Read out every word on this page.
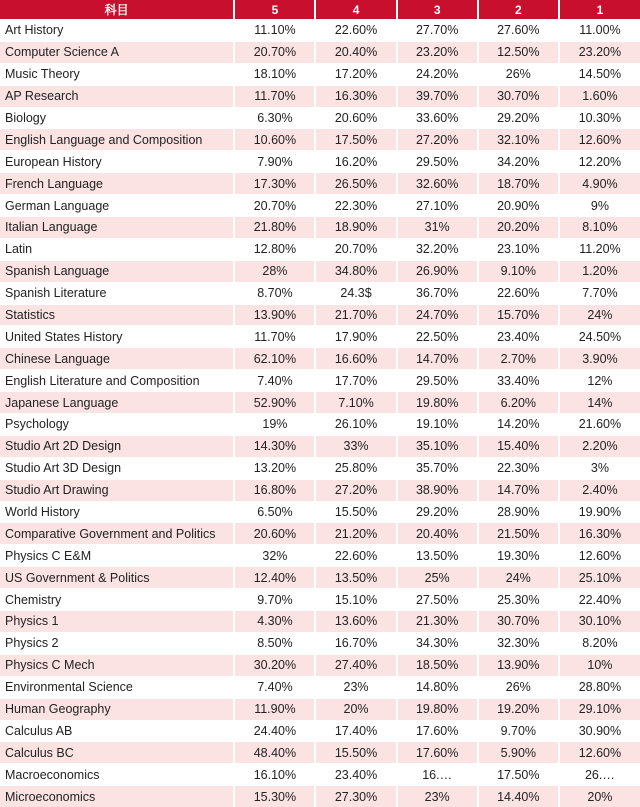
科目	5	4	3	2	1
Art History	11.10%	22.60%	27.70%	27.60%	11.00%
Computer Science A	20.70%	20.40%	23.20%	12.50%	23.20%
Music Theory	18.10%	17.20%	24.20%	26%	14.50%
AP Research	11.70%	16.30%	39.70%	30.70%	1.60%
Biology	6.30%	20.60%	33.60%	29.20%	10.30%
English Language and Composition	10.60%	17.50%	27.20%	32.10%	12.60%
European History	7.90%	16.20%	29.50%	34.20%	12.20%
French Language	17.30%	26.50%	32.60%	18.70%	4.90%
German Language	20.70%	22.30%	27.10%	20.90%	9%
Italian Language	21.80%	18.90%	31%	20.20%	8.10%
Latin	12.80%	20.70%	32.20%	23.10%	11.20%
Spanish Language	28%	34.80%	26.90%	9.10%	1.20%
Spanish Literature	8.70%	24.3$	36.70%	22.60%	7.70%
Statistics	13.90%	21.70%	24.70%	15.70%	24%
United States History	11.70%	17.90%	22.50%	23.40%	24.50%
Chinese Language	62.10%	16.60%	14.70%	2.70%	3.90%
English Literature and Composition	7.40%	17.70%	29.50%	33.40%	12%
Japanese Language	52.90%	7.10%	19.80%	6.20%	14%
Psychology	19%	26.10%	19.10%	14.20%	21.60%
Studio Art 2D Design	14.30%	33%	35.10%	15.40%	2.20%
Studio Art 3D Design	13.20%	25.80%	35.70%	22.30%	3%
Studio Art Drawing	16.80%	27.20%	38.90%	14.70%	2.40%
World History	6.50%	15.50%	29.20%	28.90%	19.90%
Comparative Government and Politics	20.60%	21.20%	20.40%	21.50%	16.30%
Physics C E&M	32%	22.60%	13.50%	19.30%	12.60%
US Government & Politics	12.40%	13.50%	25%	24%	25.10%
Chemistry	9.70%	15.10%	27.50%	25.30%	22.40%
Physics 1	4.30%	13.60%	21.30%	30.70%	30.10%
Physics 2	8.50%	16.70%	34.30%	32.30%	8.20%
Physics C Mech	30.20%	27.40%	18.50%	13.90%	10%
Environmental Science	7.40%	23%	14.80%	26%	28.80%
Human Geography	11.90%	20%	19.80%	19.20%	29.10%
Calculus AB	24.40%	17.40%	17.60%	9.70%	30.90%
Calculus BC	48.40%	15.50%	17.60%	5.90%	12.60%
Macroeconomics	16.10%	23.40%	16.…	17.50%	26.…
Microeconomics	15.30%	27.30%	23%	14.40%	20%
